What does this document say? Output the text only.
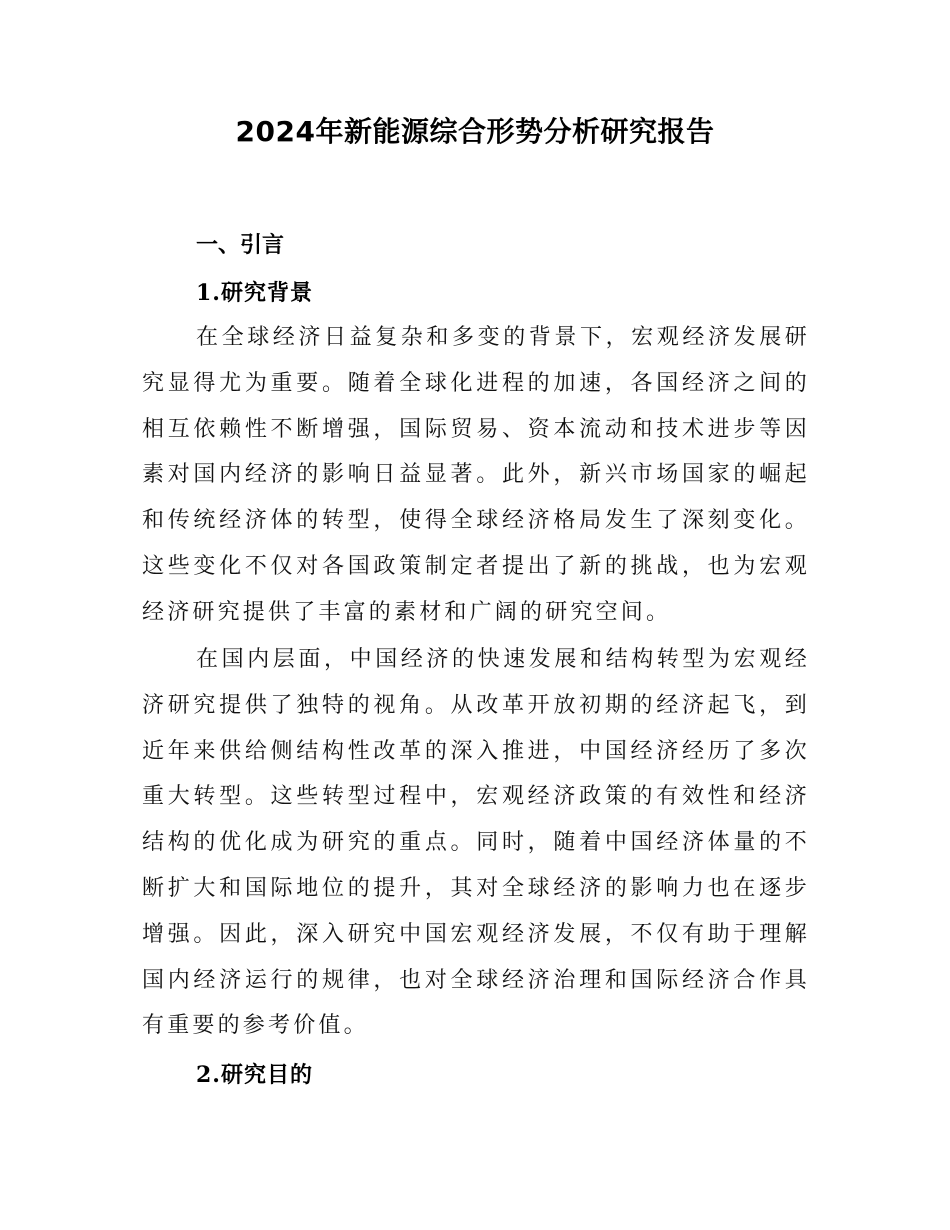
2024年新能源综合形势分析研究报告
一、引言
1.研究背景

在全球经济日益复杂和多变的背景下，宏观经济发展研究显得尤为重要。随着全球化进程的加速，各国经济之间的相互依赖性不断增强，国际贸易、资本流动和技术进步等因素对国内经济的影响日益显著。此外，新兴市场国家的崛起和传统经济体的转型，使得全球经济格局发生了深刻变化。这些变化不仅对各国政策制定者提出了新的挑战，也为宏观经济研究提供了丰富的素材和广阔的研究空间。

在国内层面，中国经济的快速发展和结构转型为宏观经济研究提供了独特的视角。从改革开放初期的经济起飞，到近年来供给侧结构性改革的深入推进，中国经济经历了多次重大转型。这些转型过程中，宏观经济政策的有效性和经济结构的优化成为研究的重点。同时，随着中国经济体量的不断扩大和国际地位的提升，其对全球经济的影响力也在逐步增强。因此，深入研究中国宏观经济发展，不仅有助于理解国内经济运行的规律，也对全球经济治理和国际经济合作具有重要的参考价值。

2.研究目的
